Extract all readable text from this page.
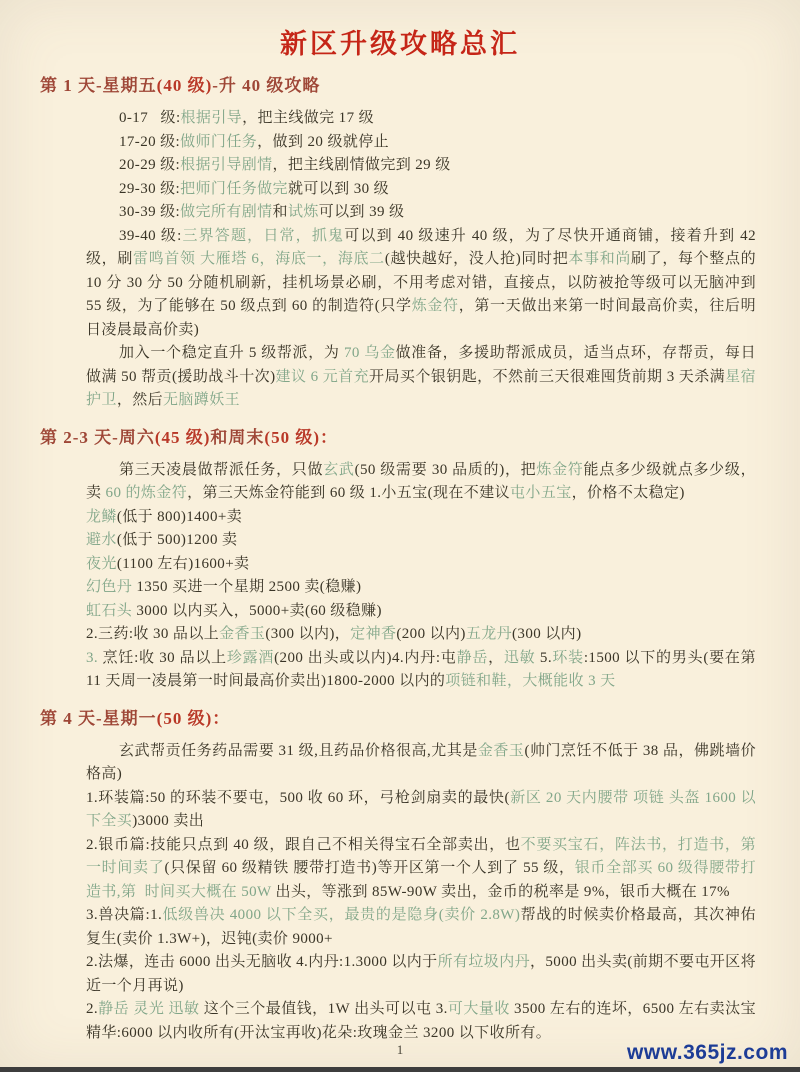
新区升级攻略总汇
第 1 天-星期五(40 级)-升 40 级攻略
0-17   级:根据引导，把主线做完 17 级
17-20 级:做师门任务，做到 20 级就停止
20-29 级:根据引导剧情，把主线剧情做完到 29 级
29-30 级:把师门任务做完就可以到 30 级
30-39 级:做完所有剧情和试炼可以到 39 级
39-40 级:三界答题，日常，抓鬼可以到 40 级速升 40 级，为了尽快开通商铺，接着升到 42 级，刷雷鸣首领 大雁塔 6，海底一，海底二(越快越好，没人抢)同时把本事和尚刷了，每个整点的 10 分 30 分 50 分随机刷新，挂机场景必刷，不用考虑对错，直接点，以防被抢等级可以无脑冲到 55 级，为了能够在 50 级点到 60 的制造符(只学炼金符，第一天做出来第一时间最高价卖，往后明日凌晨最高价卖)
加入一个稳定直升 5 级帮派，为 70 乌金做准备，多援助帮派成员，适当点环，存帮贡，每日做满 50 帮贡(援助战斗十次)建议 6 元首充开局买个银钥匙，不然前三天很难囤货前期 3 天杀满星宿护卫，然后无脑蹲妖王
第 2-3 天-周六(45 级)和周末(50 级)：
第三天凌晨做帮派任务，只做玄武(50 级需要 30 品质的)，把炼金符能点多少级就点多少级，卖 60 的炼金符，第三天炼金符能到 60 级 1.小五宝(现在不建议屯小五宝，价格不太稳定)
龙鳞(低于 800)1400+卖
避水(低于 500)1200 卖
夜光(1100 左右)1600+卖
幻色丹 1350 买进一个星期 2500 卖(稳赚)
虹石头 3000 以内买入，5000+卖(60 级稳赚)
2.三药:收 30 品以上金香玉(300 以内)，定神香(200 以内)五龙丹(300 以内)
3. 烹饪:收 30 品以上珍露酒(200 出头或以内)4.内丹:屯静岳，迅敏 5.环装:1500 以下的男头(要在第 11 天周一凌晨第一时间最高价卖出)1800-2000 以内的项链和鞋，大概能收 3 天
第 4 天-星期一(50 级)：
玄武帮贡任务药品需要 31 级,且药品价格很高,尤其是金香玉(帅门烹饪不低于 38 品，佛跳墙价格高)
1.环装篇:50 的环装不要屯，500 收 60 环，弓枪剑扇卖的最快(新区 20 天内腰带 项链 头盔 1600 以下全买)3000 卖出
2.银币篇:技能只点到 40 级，跟自己不相关得宝石全部卖出，也不要买宝石，阵法书，打造书，第一时间卖了(只保留 60 级精铁 腰带打造书)等开区第一个人到了 55 级，银币全部买 60 级得腰带打造书,第  时间买大概在 50W 出头，等涨到 85W-90W 卖出，金币的税率是 9%，银币大概在 17%
3.兽决篇:1.低级兽决 4000 以下全买，最贵的是隐身(卖价 2.8W)帮战的时候卖价格最高，其次神佑复生(卖价 1.3W+)，迟钝(卖价 9000+
2.法爆，连击 6000 出头无脑收 4.内丹:1.3000 以内于所有垃圾内丹，5000 出头卖(前期不要屯开区将近一个月再说)
2.静岳 灵光 迅敏 这个三个最值钱，1W 出头可以屯 3.可大量收 3500 左右的连坏，6500 左右卖汰宝精华:6000 以内收所有(开汰宝再收)花朵:玫瑰金兰 3200 以下收所有。
1	www.365jz.com
